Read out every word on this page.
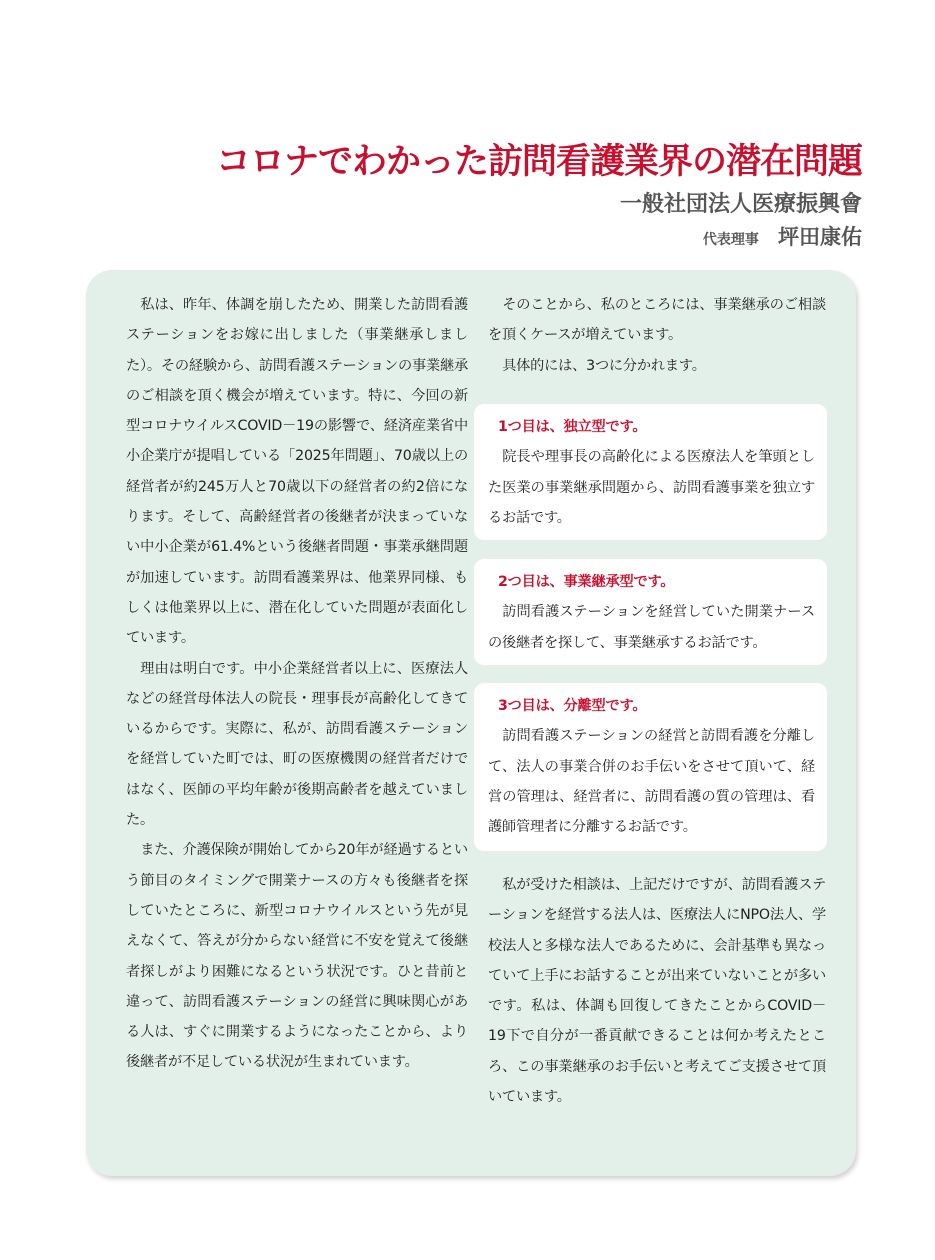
コロナでわかった訪問看護業界の潜在問題
一般社団法人医療振興會
代表理事 坪田康佑

私は、昨年、体調を崩したため、開業した訪問看護ステーションをお嫁に出しました（事業継承しました）。その経験から、訪問看護ステーションの事業継承のご相談を頂く機会が増えています。特に、今回の新型コロナウイルスCOVID－19の影響で、経済産業省中小企業庁が提唱している「2025年問題」、70歳以上の経営者が約245万人と70歳以下の経営者の約2倍になります。そして、高齢経営者の後継者が決まっていない中小企業が61.4%という後継者問題・事業承継問題が加速しています。訪問看護業界は、他業界同様、もしくは他業界以上に、潜在化していた問題が表面化しています。

理由は明白です。中小企業経営者以上に、医療法人などの経営母体法人の院長・理事長が高齢化してきているからです。実際に、私が、訪問看護ステーションを経営していた町では、町の医療機関の経営者だけではなく、医師の平均年齢が後期高齢者を越えていました。

また、介護保険が開始してから20年が経過するという節目のタイミングで開業ナースの方々も後継者を探していたところに、新型コロナウイルスという先が見えなくて、答えが分からない経営に不安を覚えて後継者探しがより困難になるという状況です。ひと昔前と違って、訪問看護ステーションの経営に興味関心がある人は、すぐに開業するようになったことから、より後継者が不足している状況が生まれています。

そのことから、私のところには、事業継承のご相談を頂くケースが増えています。

具体的には、3つに分かれます。

1つ目は、独立型です。

院長や理事長の高齢化による医療法人を筆頭とした医業の事業継承問題から、訪問看護事業を独立するお話です。

2つ目は、事業継承型です。

訪問看護ステーションを経営していた開業ナースの後継者を探して、事業継承するお話です。

3つ目は、分離型です。

訪問看護ステーションの経営と訪問看護を分離して、法人の事業合併のお手伝いをさせて頂いて、経営の管理は、経営者に、訪問看護の質の管理は、看護師管理者に分離するお話です。

私が受けた相談は、上記だけですが、訪問看護ステーションを経営する法人は、医療法人にNPO法人、学校法人と多様な法人であるために、会計基準も異なっていて上手にお話することが出来ていないことが多いです。私は、体調も回復してきたことからCOVID－19下で自分が一番貢献できることは何か考えたところ、この事業継承のお手伝いと考えてご支援させて頂いています。
